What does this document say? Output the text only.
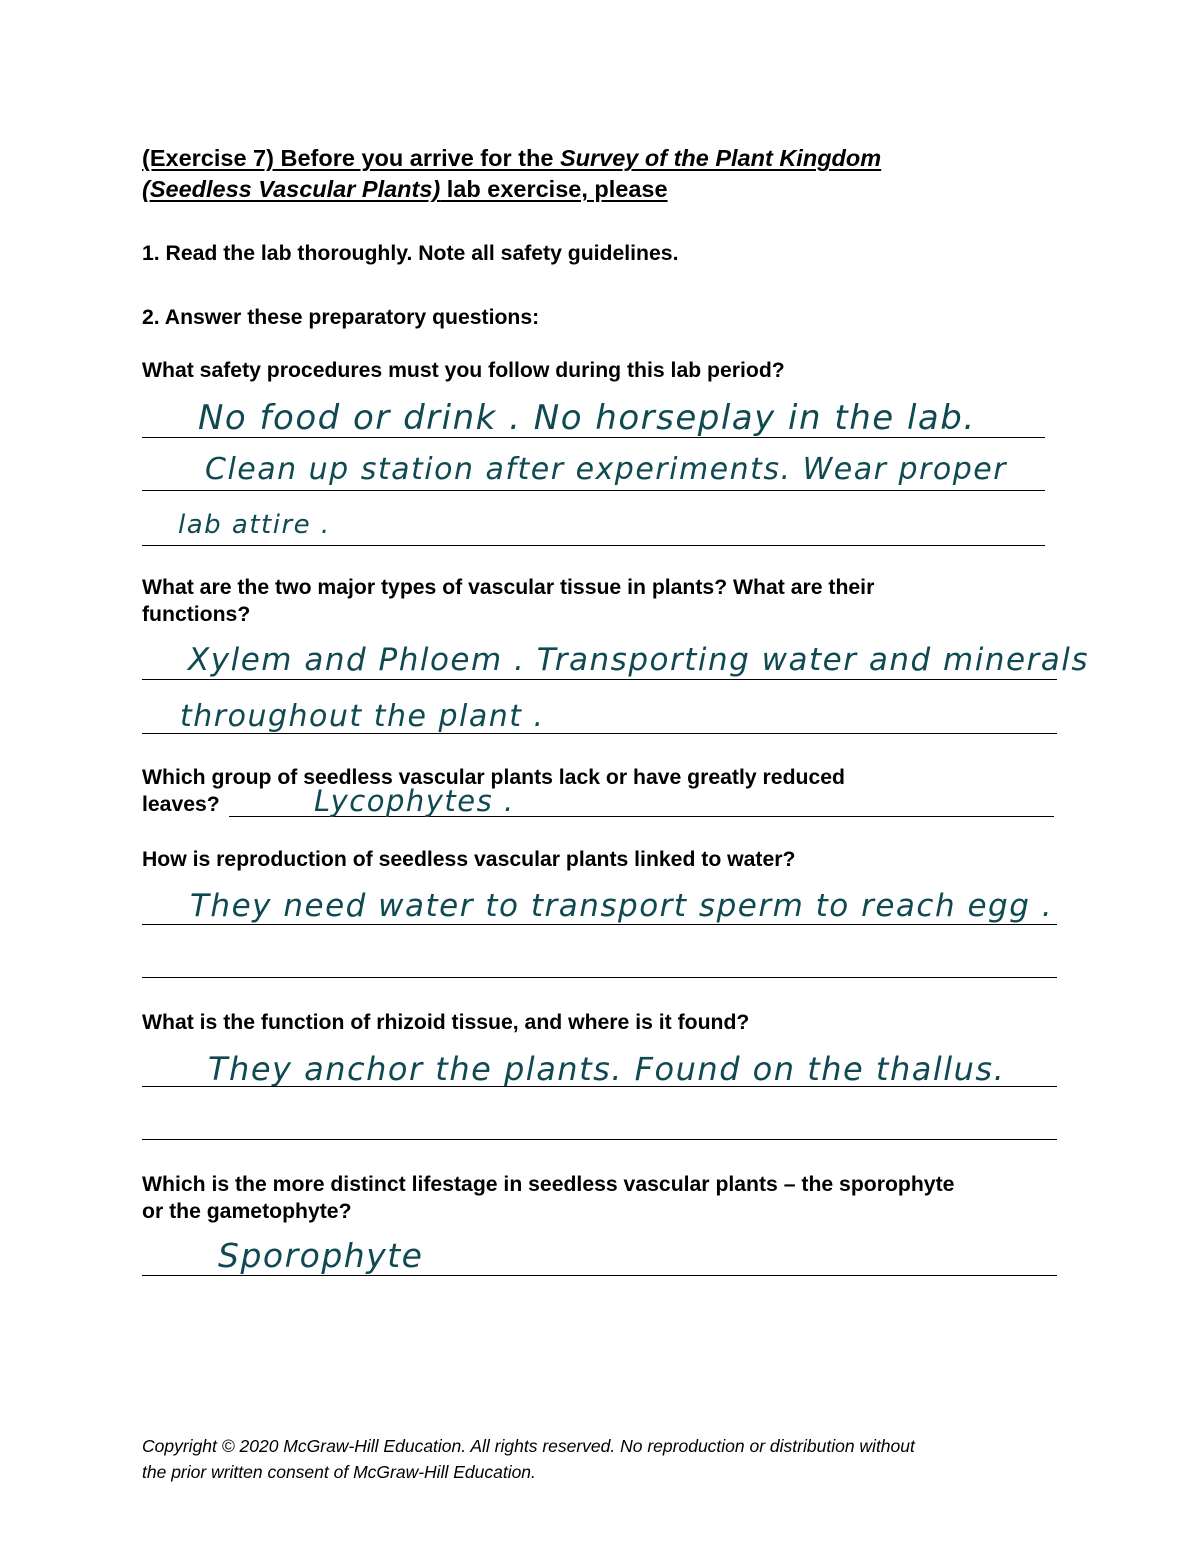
(Exercise 7) Before you arrive for the Survey of the Plant Kingdom
(Seedless Vascular Plants) lab exercise, please
1. Read the lab thoroughly. Note all safety guidelines.
2. Answer these preparatory questions:
What safety procedures must you follow during this lab period?
No food or drink . No horseplay in the lab.
Clean up station after experiments. Wear proper
lab attire .
What are the two major types of vascular tissue in plants? What are their
functions?
Xylem and Phloem . Transporting water and minerals
throughout the plant .
Which group of seedless vascular plants lack or have greatly reduced
leaves?	Lycophytes .
How is reproduction of seedless vascular plants linked to water?
They need water to transport sperm to reach egg .
What is the function of rhizoid tissue, and where is it found?
They anchor the plants. Found on the thallus.
Which is the more distinct lifestage in seedless vascular plants – the sporophyte
or the gametophyte?
Sporophyte
Copyright © 2020 McGraw-Hill Education. All rights reserved. No reproduction or distribution without
the prior written consent of McGraw-Hill Education.
